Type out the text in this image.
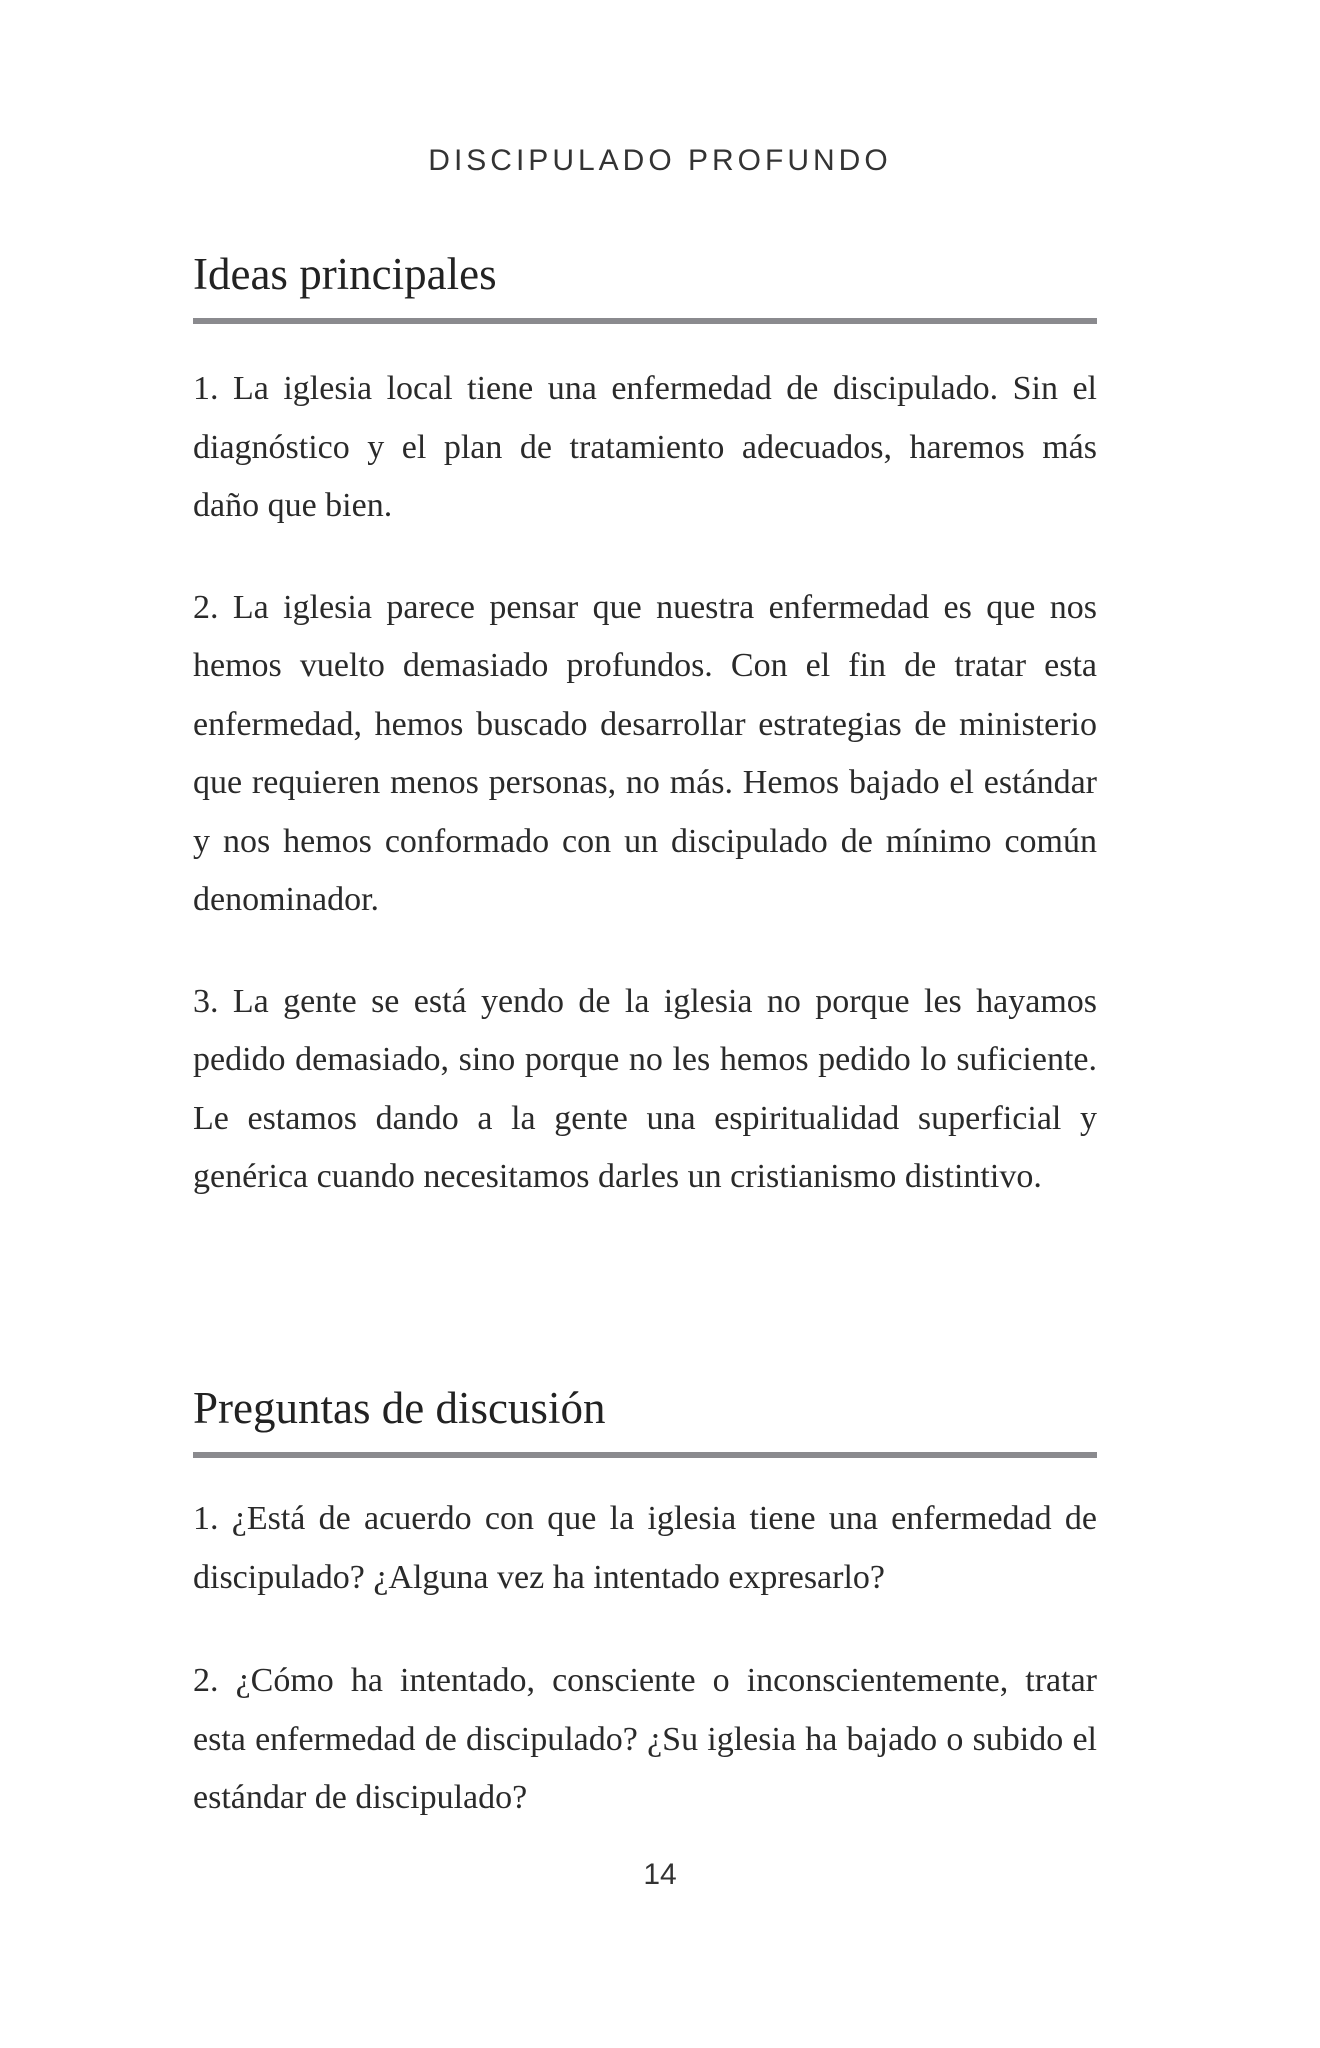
DISCIPULADO PROFUNDO
Ideas principales

1. La iglesia local tiene una enfermedad de discipulado. Sin el diagnóstico y el plan de tratamiento adecuados, haremos más daño que bien.

2. La iglesia parece pensar que nuestra enfermedad es que nos hemos vuelto demasiado profundos. Con el fin de tratar esta enfermedad, hemos buscado desarrollar estrategias de ministerio que requieren menos personas, no más. Hemos bajado el estándar y nos hemos conformado con un discipulado de mínimo común denominador.

3. La gente se está yendo de la iglesia no porque les hayamos pedido demasiado, sino porque no les hemos pedido lo suficiente. Le estamos dando a la gente una espiritualidad superficial y genérica cuando necesitamos darles un cristianismo distintivo.

Preguntas de discusión

1. ¿Está de acuerdo con que la iglesia tiene una enfermedad de discipulado? ¿Alguna vez ha intentado expresarlo?

2. ¿Cómo ha intentado, consciente o inconscientemente, tratar esta enfermedad de discipulado? ¿Su iglesia ha bajado o subido el estándar de discipulado?

14
